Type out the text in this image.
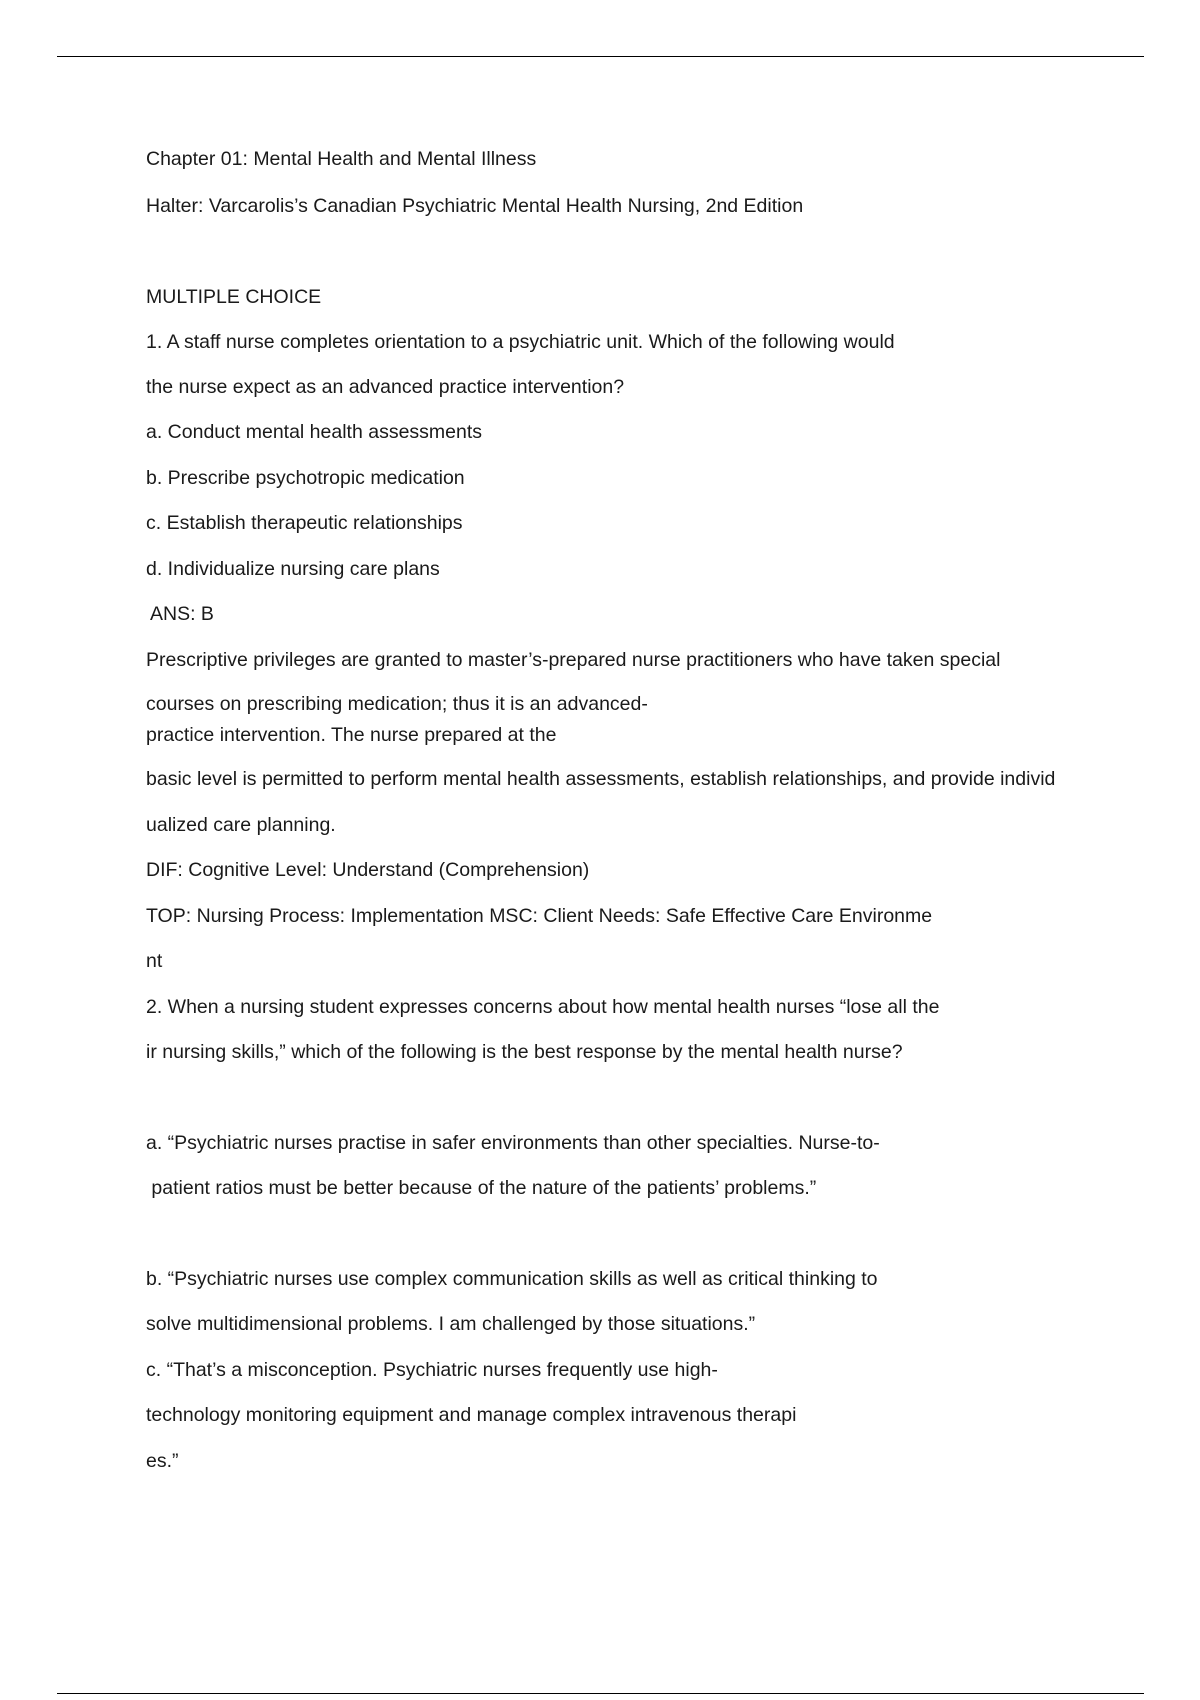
Chapter 01: Mental Health and Mental Illness

Halter: Varcarolis’s Canadian Psychiatric Mental Health Nursing, 2nd Edition

MULTIPLE CHOICE

1. A staff nurse completes orientation to a psychiatric unit. Which of the following would

the nurse expect as an advanced practice intervention?

a. Conduct mental health assessments

b. Prescribe psychotropic medication

c. Establish therapeutic relationships

d. Individualize nursing care plans

ANS: B

Prescriptive privileges are granted to master’s-prepared nurse practitioners who have taken special

courses on prescribing medication; thus it is an advanced-

practice intervention. The nurse prepared at the

basic level is permitted to perform mental health assessments, establish relationships, and provide individ

ualized care planning.

DIF: Cognitive Level: Understand (Comprehension)

TOP: Nursing Process: Implementation MSC: Client Needs: Safe Effective Care Environme

nt

2. When a nursing student expresses concerns about how mental health nurses “lose all the

ir nursing skills,” which of the following is the best response by the mental health nurse?

a. “Psychiatric nurses practise in safer environments than other specialties. Nurse-to-

patient ratios must be better because of the nature of the patients’ problems.”

b. “Psychiatric nurses use complex communication skills as well as critical thinking to

solve multidimensional problems. I am challenged by those situations.”

c. “That’s a misconception. Psychiatric nurses frequently use high-

technology monitoring equipment and manage complex intravenous therapi

es.”
